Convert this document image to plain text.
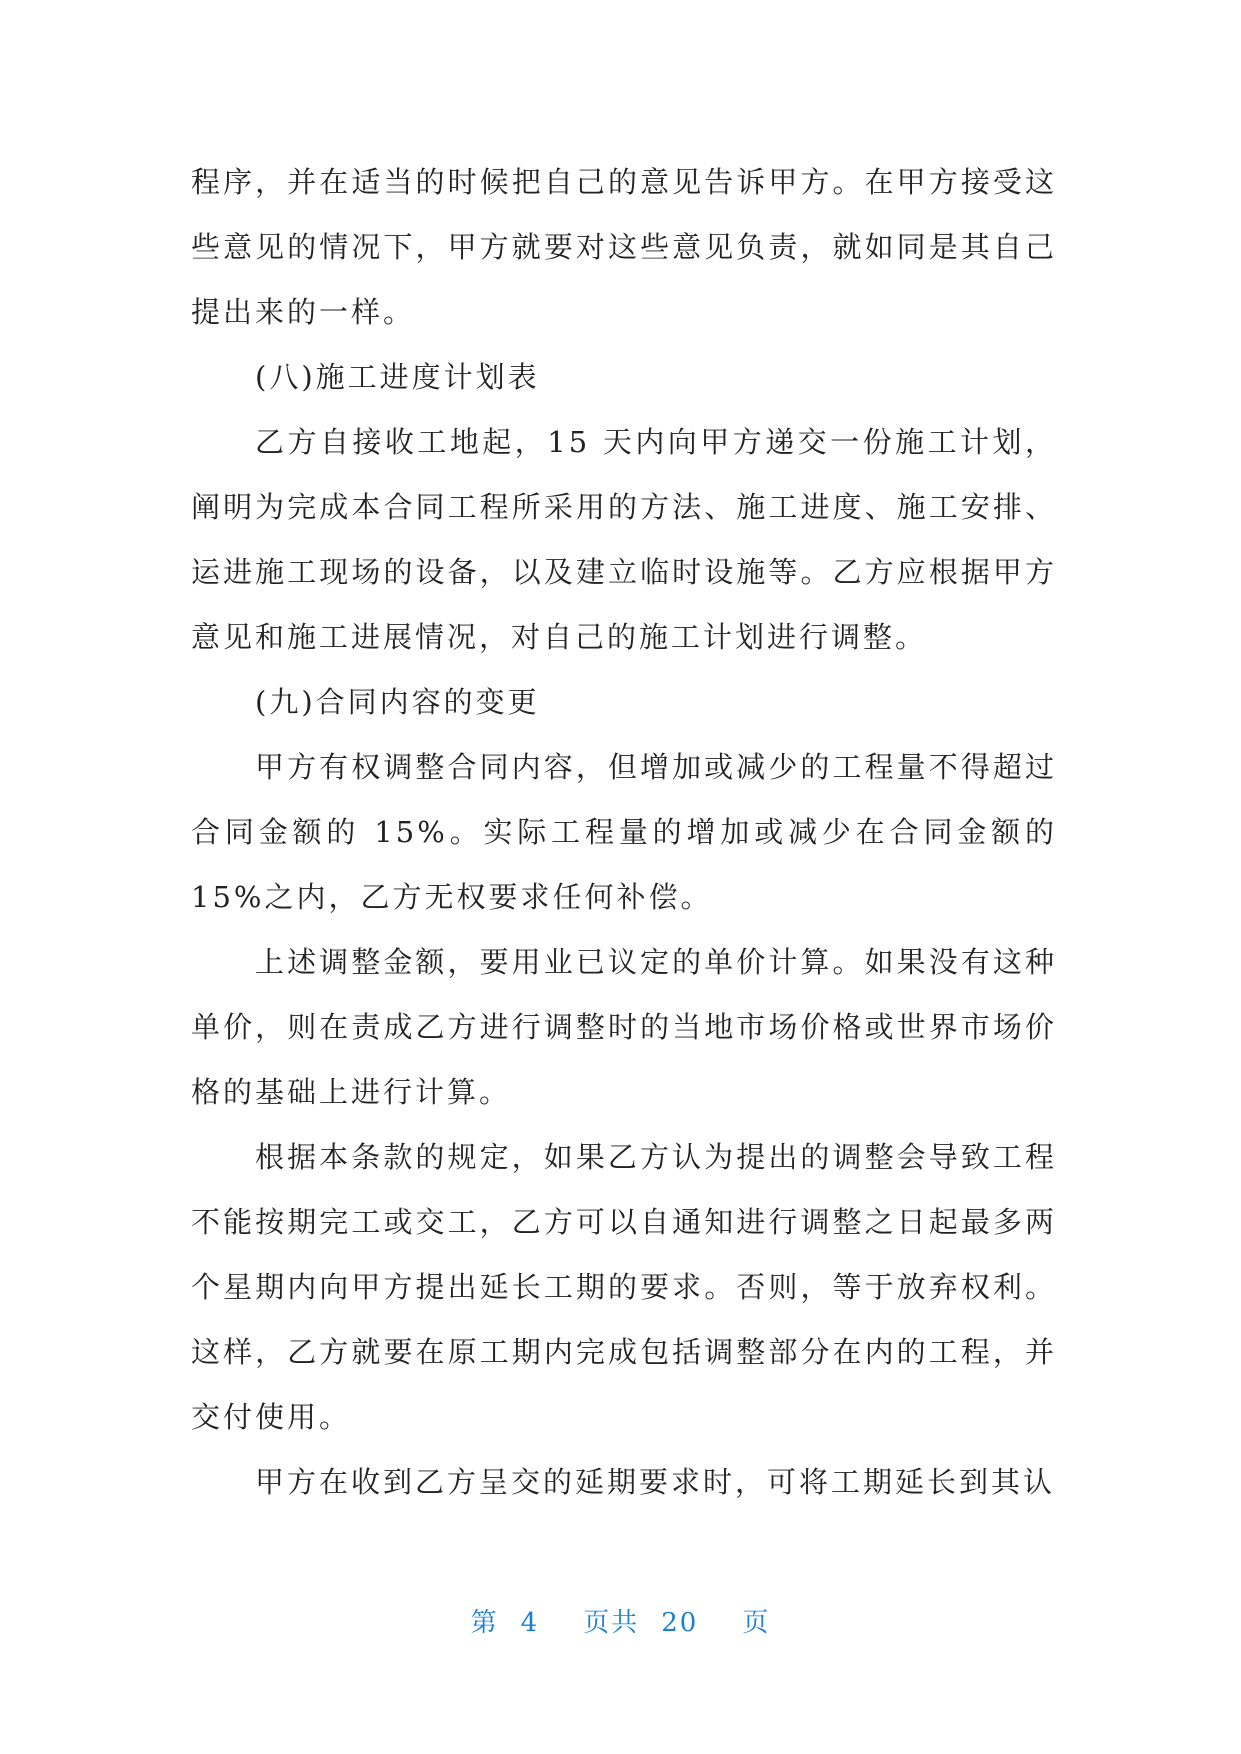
程序，并在适当的时候把自己的意见告诉甲方。在甲方接受这些意见的情况下，甲方就要对这些意见负责，就如同是其自己提出来的一样。

(八)施工进度计划表

乙方自接收工地起，15 天内向甲方递交一份施工计划，阐明为完成本合同工程所采用的方法、施工进度、施工安排、运进施工现场的设备，以及建立临时设施等。乙方应根据甲方意见和施工进展情况，对自己的施工计划进行调整。

(九)合同内容的变更

甲方有权调整合同内容，但增加或减少的工程量不得超过合同金额的 15%。实际工程量的增加或减少在合同金额的 15%之内，乙方无权要求任何补偿。

上述调整金额，要用业已议定的单价计算。如果没有这种单价，则在责成乙方进行调整时的当地市场价格或世界市场价格的基础上进行计算。

根据本条款的规定，如果乙方认为提出的调整会导致工程不能按期完工或交工，乙方可以自通知进行调整之日起最多两个星期内向甲方提出延长工期的要求。否则，等于放弃权利。这样，乙方就要在原工期内完成包括调整部分在内的工程，并交付使用。

甲方在收到乙方呈交的延期要求时，可将工期延长到其认

第 4 页共 20 页
